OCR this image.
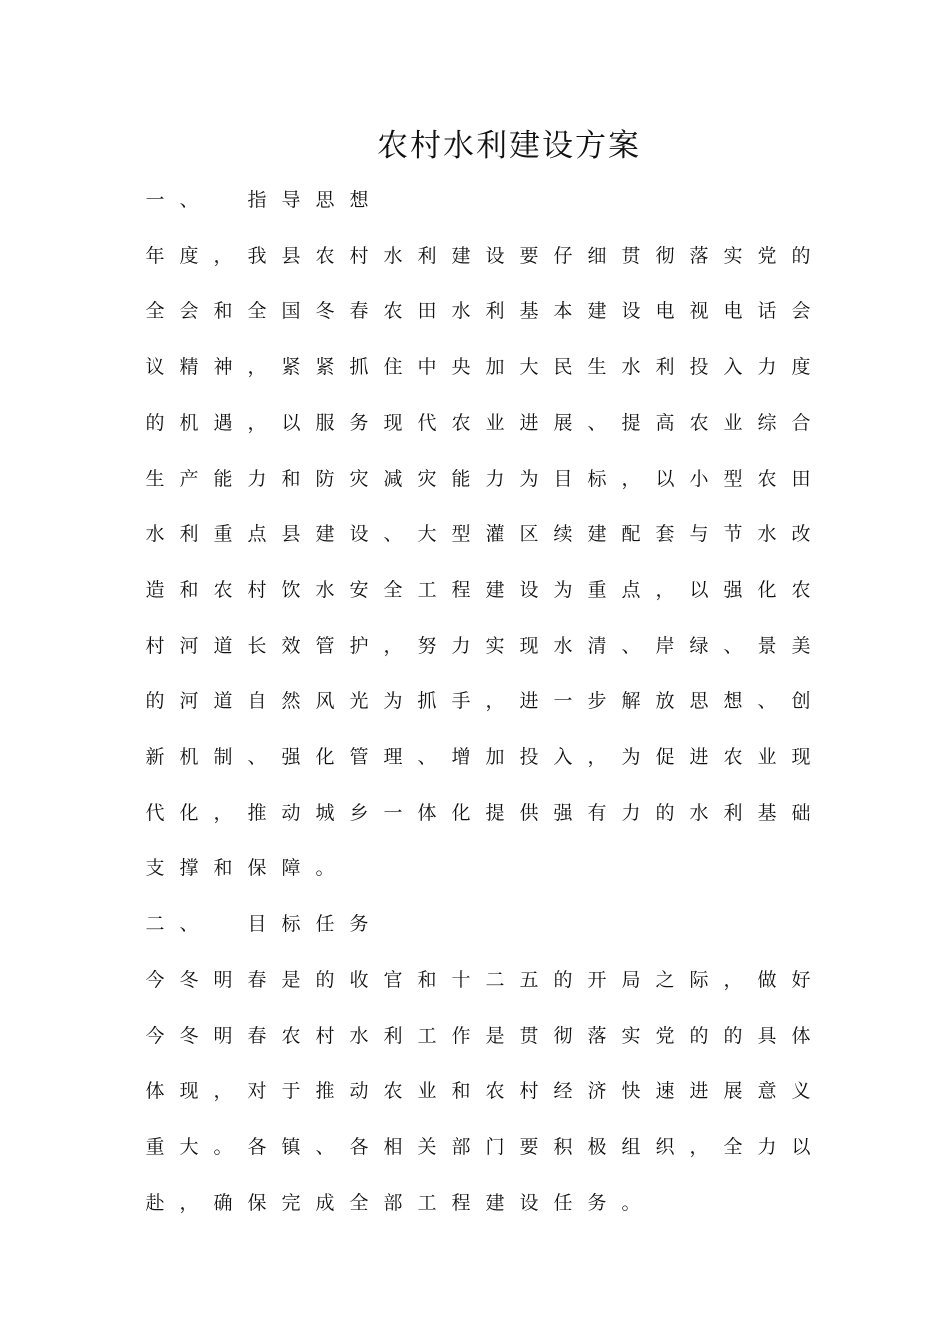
农村水利建设方案
一 、	指 导 思 想
年 度 ， 我 县 农 村 水 利 建 设 要 仔 细 贯 彻 落 实 党 的
全 会 和 全 国 冬 春 农 田 水 利 基 本 建 设 电 视 电 话 会
议 精 神 ， 紧 紧 抓 住 中 央 加 大 民 生 水 利 投 入 力 度
的 机 遇 ， 以 服 务 现 代 农 业 进 展 、 提 高 农 业 综 合
生 产 能 力 和 防 灾 减 灾 能 力 为 目 标 ， 以 小 型 农 田
水 利 重 点 县 建 设 、 大 型 灌 区 续 建 配 套 与 节 水 改
造 和 农 村 饮 水 安 全 工 程 建 设 为 重 点 ， 以 强 化 农
村 河 道 长 效 管 护 ， 努 力 实 现 水 清 、 岸 绿 、 景 美
的 河 道 自 然 风 光 为 抓 手 ， 进 一 步 解 放 思 想 、 创
新 机 制 、 强 化 管 理 、 增 加 投 入 ， 为 促 进 农 业 现
代 化 ， 推 动 城 乡 一 体 化 提 供 强 有 力 的 水 利 基 础
支 撑 和 保 障 。
二 、	目 标 任 务
今 冬 明 春 是 的 收 官 和 十 二 五 的 开 局 之 际 ， 做 好
今 冬 明 春 农 村 水 利 工 作 是 贯 彻 落 实 党 的 的 具 体
体 现 ， 对 于 推 动 农 业 和 农 村 经 济 快 速 进 展 意 义
重 大 。 各 镇 、 各 相 关 部 门 要 积 极 组 织 ， 全 力 以
赴 ， 确 保 完 成 全 部 工 程 建 设 任 务 。
